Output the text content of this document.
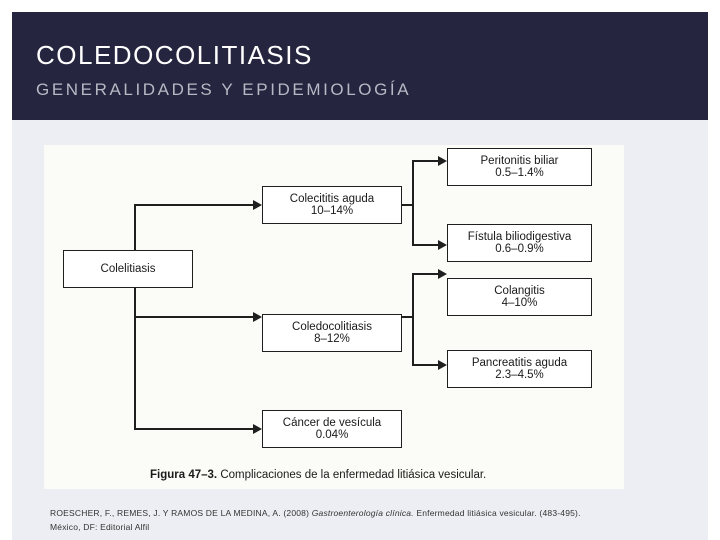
COLEDOCOLITIASIS
GENERALIDADES Y EPIDEMIOLOGÍA
Colelitiasis
Colecititis aguda
10–14%
Coledocolitiasis
8–12%
Cáncer de vesícula
0.04%
Peritonitis biliar
0.5–1.4%
Fístula biliodigestiva
0.6–0.9%
Colangitis
4–10%
Pancreatitis aguda
2.3–4.5%

Figura 47–3. Complicaciones de la enfermedad litiásica vesicular.

ROESCHER, F., REMES, J. Y RAMOS DE LA MEDINA, A. (2008) Gastroenterología clínica. Enfermedad litiásica vesicular. (483-495).
México, DF: Editorial Alfil
